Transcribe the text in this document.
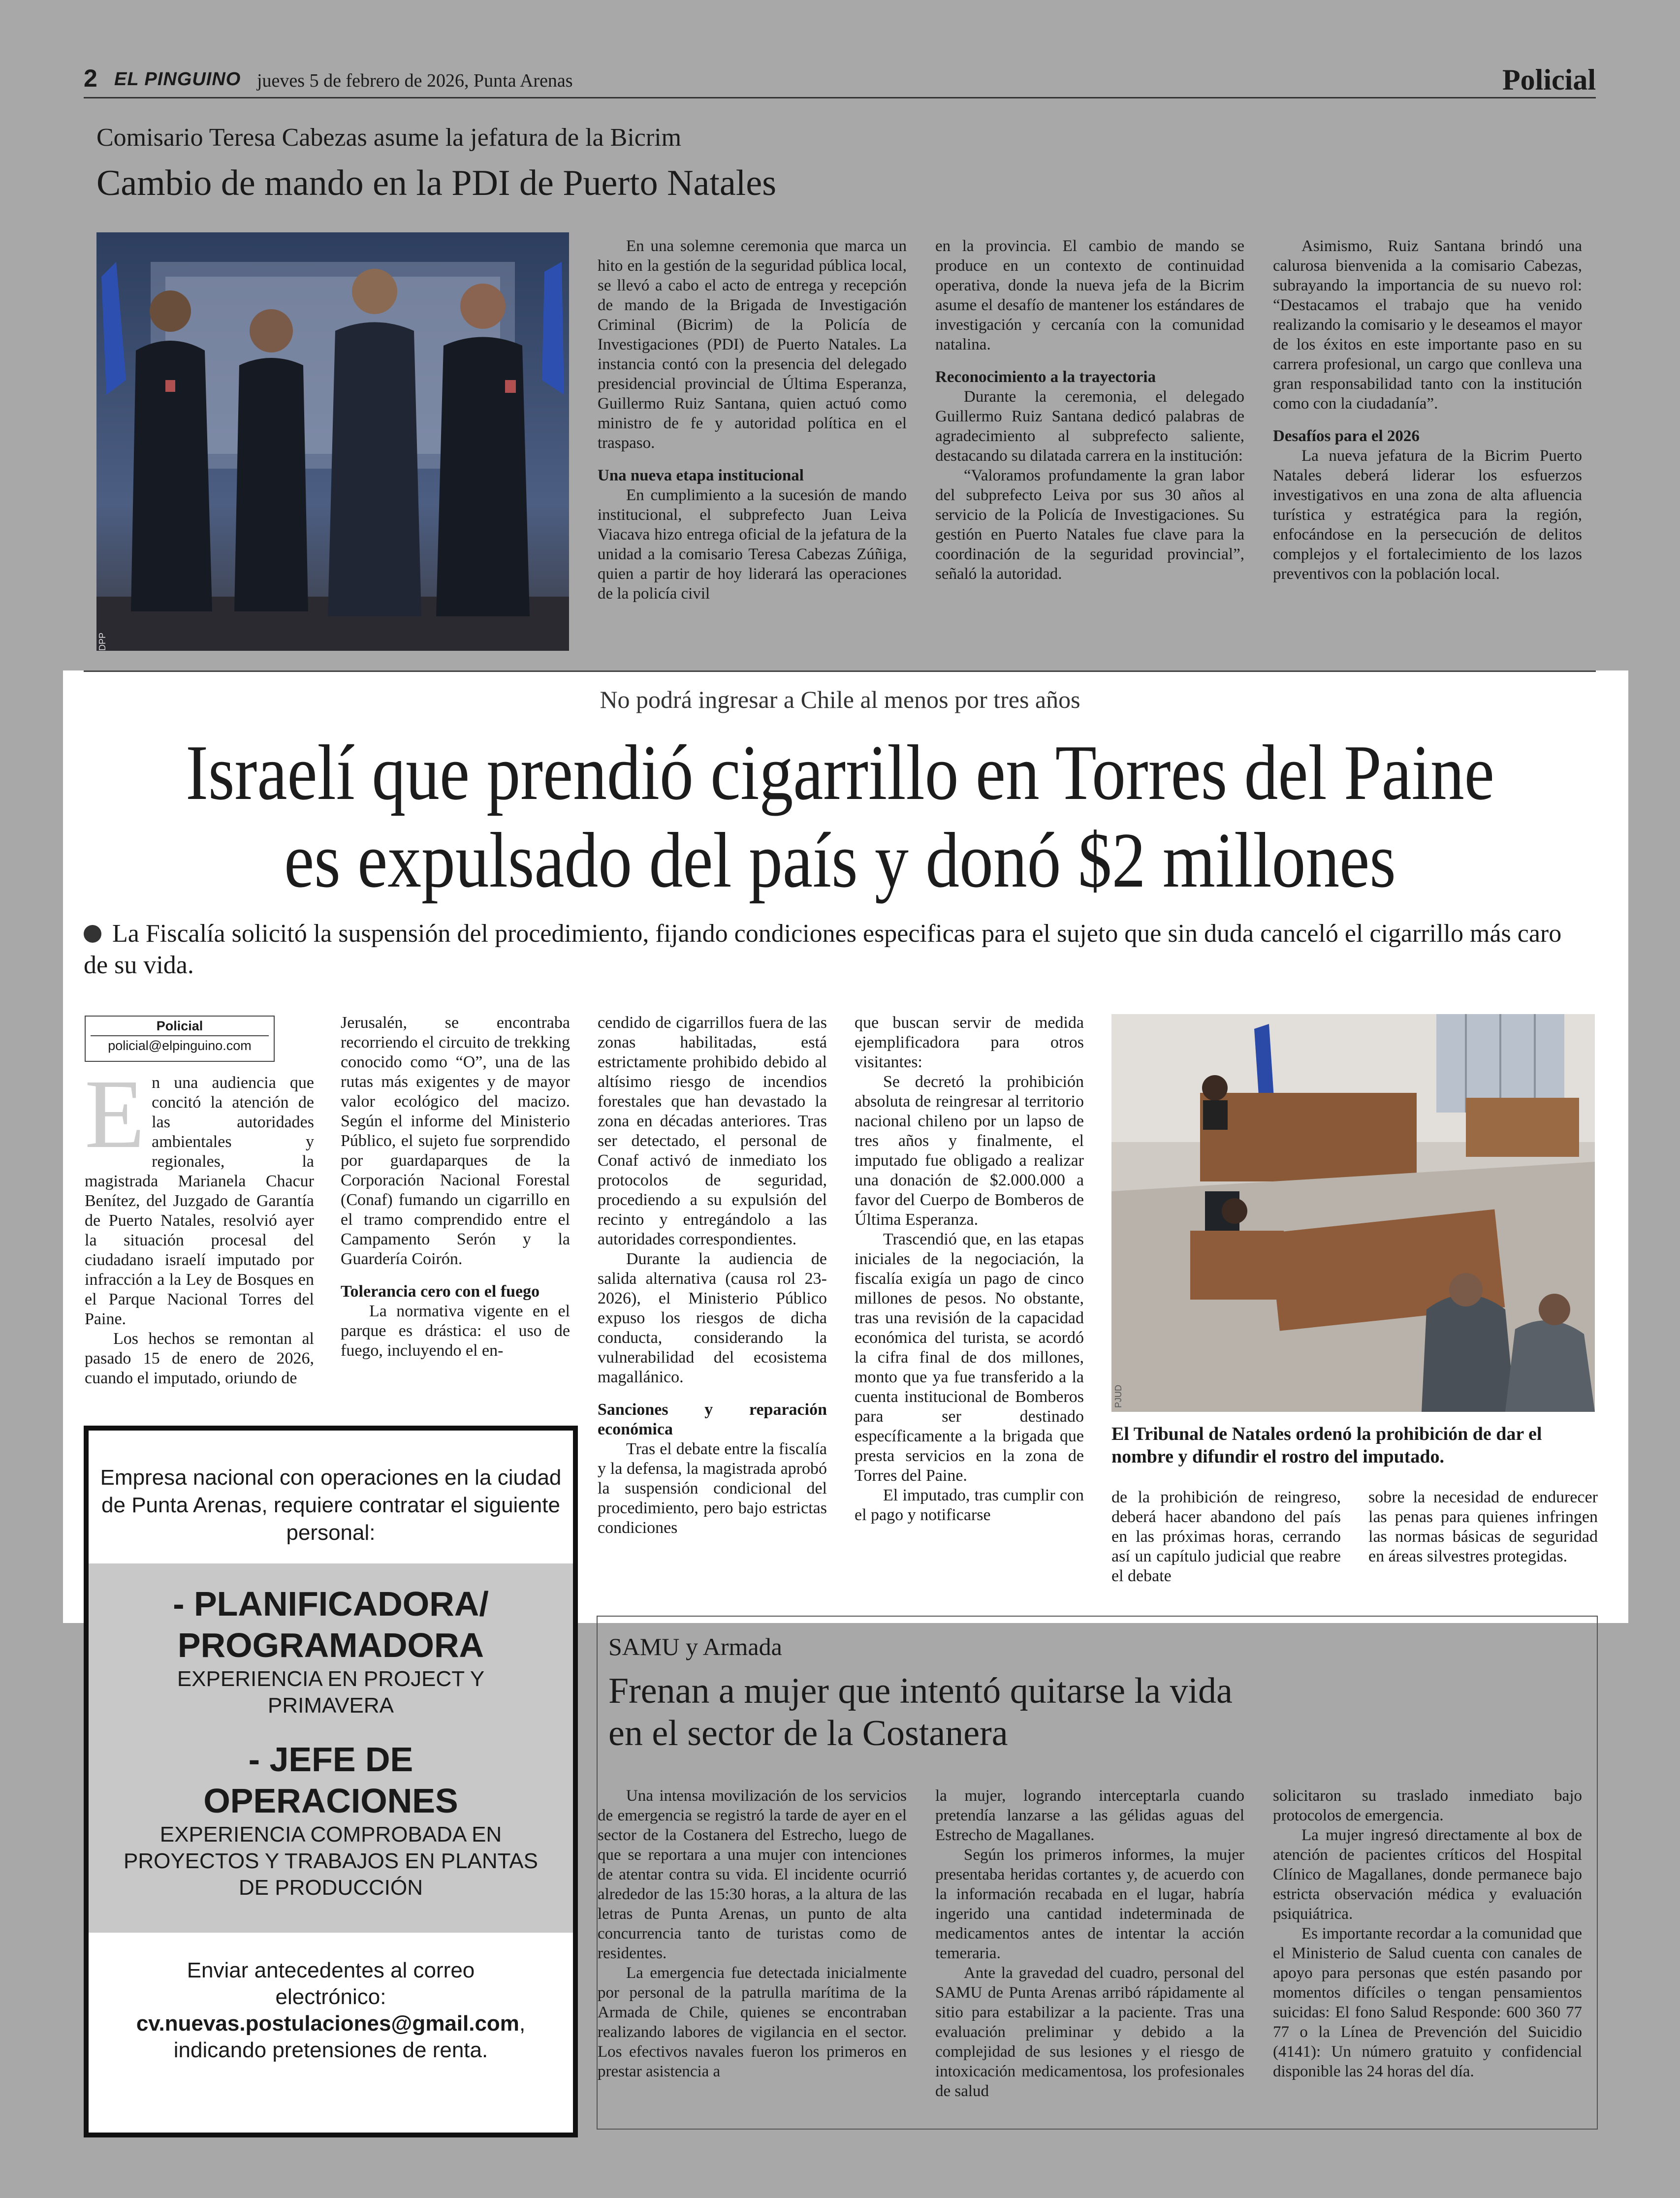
2 EL PINGUINO jueves 5 de febrero de 2026, Punta Arenas	Policial
Comisario Teresa Cabezas asume la jefatura de la Bicrim
Cambio de mando en la PDI de Puerto Natales
DPP

En una solemne ceremonia que marca un hito en la gestión de la seguridad pública local, se llevó a cabo el acto de entrega y recepción de mando de la Brigada de Investigación Criminal (Bicrim) de la Policía de Investigaciones (PDI) de Puerto Natales. La instancia contó con la presencia del delegado presidencial provincial de Última Esperanza, Guillermo Ruiz Santana, quien actuó como ministro de fe y autoridad política en el traspaso.

Una nueva etapa institucional

En cumplimiento a la sucesión de mando institucional, el subprefecto Juan Leiva Viacava hizo entrega oficial de la jefatura de la unidad a la comisario Teresa Cabezas Zúñiga, quien a partir de hoy liderará las operaciones de la policía civil

en la provincia. El cambio de mando se produce en un contexto de continuidad operativa, donde la nueva jefa de la Bicrim asume el desafío de mantener los estándares de investigación y cercanía con la comunidad natalina.

Reconocimiento a la trayectoria

Durante la ceremonia, el delegado Guillermo Ruiz Santana dedicó palabras de agradecimiento al subprefecto saliente, destacando su dilatada carrera en la institución:

“Valoramos profundamente la gran labor del subprefecto Leiva por sus 30 años al servicio de la Policía de Investigaciones. Su gestión en Puerto Natales fue clave para la coordinación de la seguridad provincial”, señaló la autoridad.

Asimismo, Ruiz Santana brindó una calurosa bienvenida a la comisario Cabezas, subrayando la importancia de su nuevo rol: “Destacamos el trabajo que ha venido realizando la comisario y le deseamos el mayor de los éxitos en este importante paso en su carrera profesional, un cargo que conlleva una gran responsabilidad tanto con la institución como con la ciudadanía”.

Desafíos para el 2026

La nueva jefatura de la Bicrim Puerto Natales deberá liderar los esfuerzos investigativos en una zona de alta afluencia turística y estratégica para la región, enfocándose en la persecución de delitos complejos y el fortalecimiento de los lazos preventivos con la población local.

No podrá ingresar a Chile al menos por tres años
Israelí que prendió cigarrillo en Torres del Paine
es expulsado del país y donó $2 millones
La Fiscalía solicitó la suspensión del procedimiento, fijando condiciones especificas para el sujeto que sin duda canceló el cigarrillo más caro de su vida.
Policial
policial@elpinguino.com

En una audiencia que concitó la atención de las autoridades ambientales y regionales, la magistrada Marianela Chacur Benítez, del Juzgado de Garantía de Puerto Natales, resolvió ayer la situación procesal del ciudadano israelí imputado por infracción a la Ley de Bosques en el Parque Nacional Torres del Paine.

Los hechos se remontan al pasado 15 de enero de 2026, cuando el imputado, oriundo de

Jerusalén, se encontraba recorriendo el circuito de trekking conocido como “O”, una de las rutas más exigentes y de mayor valor ecológico del macizo. Según el informe del Ministerio Público, el sujeto fue sorprendido por guardaparques de la Corporación Nacional Forestal (Conaf) fumando un cigarrillo en el tramo comprendido entre el Campamento Serón y la Guardería Coirón.

Tolerancia cero con el fuego

La normativa vigente en el parque es drástica: el uso de fuego, incluyendo el en-

cendido de cigarrillos fuera de las zonas habilitadas, está estrictamente prohibido debido al altísimo riesgo de incendios forestales que han devastado la zona en décadas anteriores. Tras ser detectado, el personal de Conaf activó de inmediato los protocolos de seguridad, procediendo a su expulsión del recinto y entregándolo a las autoridades correspondientes.

Durante la audiencia de salida alternativa (causa rol 23-2026), el Ministerio Público expuso los riesgos de dicha conducta, considerando la vulnerabilidad del ecosistema magallánico.

Sanciones y reparación económica

Tras el debate entre la fiscalía y la defensa, la magistrada aprobó la suspensión condicional del procedimiento, pero bajo estrictas condiciones

que buscan servir de medida ejemplificadora para otros visitantes:

Se decretó la prohibición absoluta de reingresar al territorio nacional chileno por un lapso de tres años y finalmente, el imputado fue obligado a realizar una donación de $2.000.000 a favor del Cuerpo de Bomberos de Última Esperanza.

Trascendió que, en las etapas iniciales de la negociación, la fiscalía exigía un pago de cinco millones de pesos. No obstante, tras una revisión de la capacidad económica del turista, se acordó la cifra final de dos millones, monto que ya fue transferido a la cuenta institucional de Bomberos para ser destinado específicamente a la brigada que presta servicios en la zona de Torres del Paine.

El imputado, tras cumplir con el pago y notificarse

PJUD
El Tribunal de Natales ordenó la prohibición de dar el nombre y difundir el rostro del imputado.

de la prohibición de reingreso, deberá hacer abandono del país en las próximas horas, cerrando así un capítulo judicial que reabre el debate

sobre la necesidad de endurecer las penas para quienes infringen las normas básicas de seguridad en áreas silvestres protegidas.

Empresa nacional con operaciones en la ciudad de Punta Arenas, requiere contratar el siguiente personal:
- PLANIFICADORA/ PROGRAMADORA
EXPERIENCIA EN PROJECT Y PRIMAVERA
- JEFE DE OPERACIONES
EXPERIENCIA COMPROBADA EN PROYECTOS Y TRABAJOS EN PLANTAS DE PRODUCCIÓN
Enviar antecedentes al correo electrónico:
cv.nuevas.postulaciones@gmail.com, indicando pretensiones de renta.
SAMU y Armada
Frenan a mujer que intentó quitarse la vida en el sector de la Costanera

Una intensa movilización de los servicios de emergencia se registró la tarde de ayer en el sector de la Costanera del Estrecho, luego de que se reportara a una mujer con intenciones de atentar contra su vida. El incidente ocurrió alrededor de las 15:30 horas, a la altura de las letras de Punta Arenas, un punto de alta concurrencia tanto de turistas como de residentes.

La emergencia fue detectada inicialmente por personal de la patrulla marítima de la Armada de Chile, quienes se encontraban realizando labores de vigilancia en el sector. Los efectivos navales fueron los primeros en prestar asistencia a

la mujer, logrando interceptarla cuando pretendía lanzarse a las gélidas aguas del Estrecho de Magallanes.

Según los primeros informes, la mujer presentaba heridas cortantes y, de acuerdo con la información recabada en el lugar, habría ingerido una cantidad indeterminada de medicamentos antes de intentar la acción temeraria.

Ante la gravedad del cuadro, personal del SAMU de Punta Arenas arribó rápidamente al sitio para estabilizar a la paciente. Tras una evaluación preliminar y debido a la complejidad de sus lesiones y el riesgo de intoxicación medicamentosa, los profesionales de salud

solicitaron su traslado inmediato bajo protocolos de emergencia.

La mujer ingresó directamente al box de atención de pacientes críticos del Hospital Clínico de Magallanes, donde permanece bajo estricta observación médica y evaluación psiquiátrica.

Es importante recordar a la comunidad que el Ministerio de Salud cuenta con canales de apoyo para personas que estén pasando por momentos difíciles o tengan pensamientos suicidas: El fono Salud Responde: 600 360 77 77 o la Línea de Prevención del Suicidio (4141): Un número gratuito y confidencial disponible las 24 horas del día.
